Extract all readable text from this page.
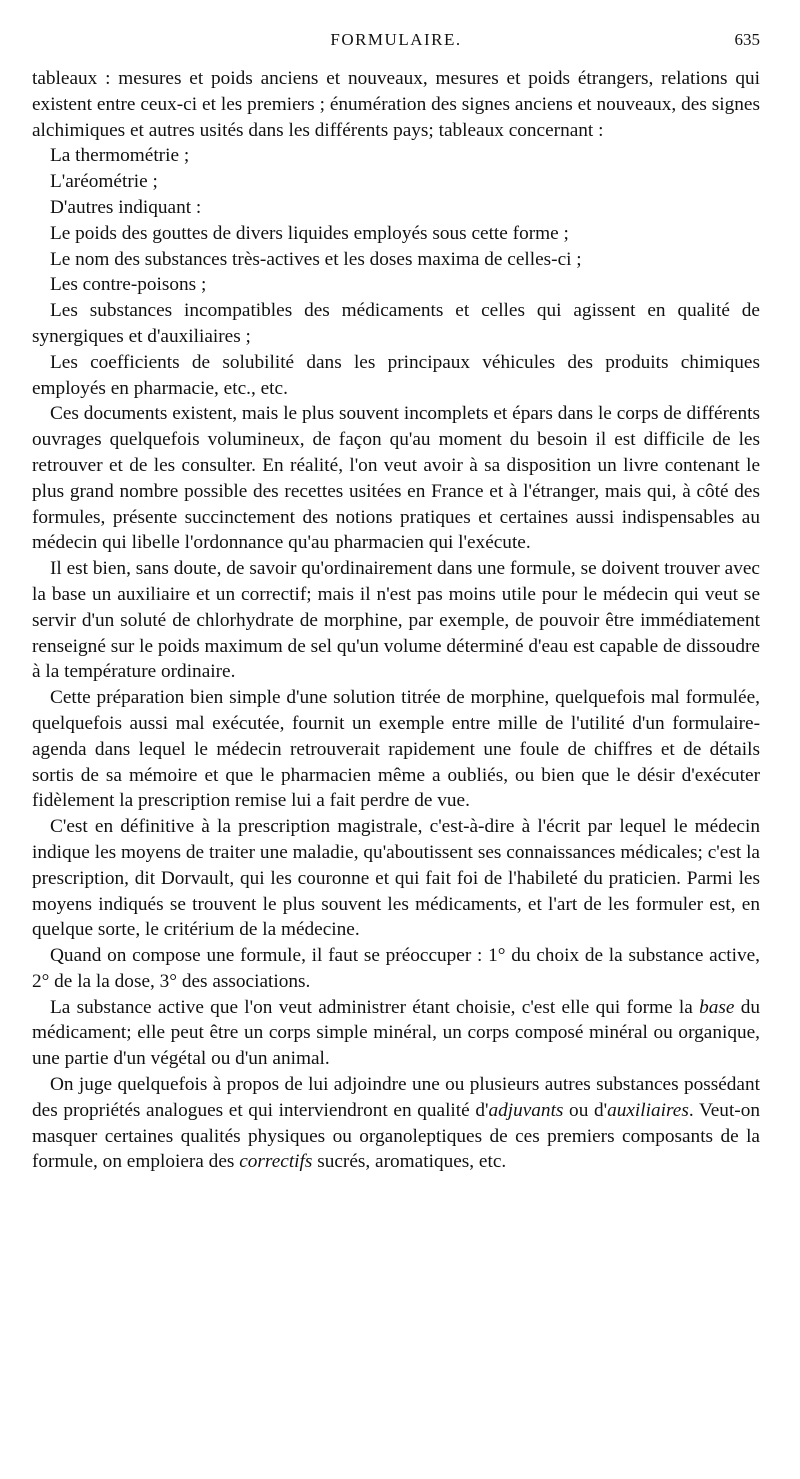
FORMULAIRE.	635

tableaux : mesures et poids anciens et nouveaux, mesures et poids étrangers, relations qui existent entre ceux-ci et les premiers ; énumération des signes anciens et nouveaux, des signes alchimiques et autres usités dans les différents pays; tableaux concernant :

La thermométrie ;

L'aréométrie ;

D'autres indiquant :

Le poids des gouttes de divers liquides employés sous cette forme ;

Le nom des substances très-actives et les doses maxima de celles-ci ;

Les contre-poisons ;

Les substances incompatibles des médicaments et celles qui agissent en qualité de synergiques et d'auxiliaires ;

Les coefficients de solubilité dans les principaux véhicules des produits chimiques employés en pharmacie, etc., etc.

Ces documents existent, mais le plus souvent incomplets et épars dans le corps de différents ouvrages quelquefois volumineux, de façon qu'au moment du besoin il est difficile de les retrouver et de les consulter. En réalité, l'on veut avoir à sa disposition un livre contenant le plus grand nombre possible des recettes usitées en France et à l'étranger, mais qui, à côté des formules, présente succinctement des notions pratiques et certaines aussi indispensables au médecin qui libelle l'ordonnance qu'au pharmacien qui l'exécute.

Il est bien, sans doute, de savoir qu'ordinairement dans une formule, se doivent trouver avec la base un auxiliaire et un correctif; mais il n'est pas moins utile pour le médecin qui veut se servir d'un soluté de chlorhydrate de morphine, par exemple, de pouvoir être immédiatement renseigné sur le poids maximum de sel qu'un volume déterminé d'eau est capable de dissoudre à la température ordinaire.

Cette préparation bien simple d'une solution titrée de morphine, quelquefois mal formulée, quelquefois aussi mal exécutée, fournit un exemple entre mille de l'utilité d'un formulaire-agenda dans lequel le médecin retrouverait rapidement une foule de chiffres et de détails sortis de sa mémoire et que le pharmacien même a oubliés, ou bien que le désir d'exécuter fidèlement la prescription remise lui a fait perdre de vue.

C'est en définitive à la prescription magistrale, c'est-à-dire à l'écrit par lequel le médecin indique les moyens de traiter une maladie, qu'aboutissent ses connaissances médicales; c'est la prescription, dit Dorvault, qui les couronne et qui fait foi de l'habileté du praticien. Parmi les moyens indiqués se trouvent le plus souvent les médicaments, et l'art de les formuler est, en quelque sorte, le critérium de la médecine.

Quand on compose une formule, il faut se préoccuper : 1° du choix de la substance active, 2° de la la dose, 3° des associations.

La substance active que l'on veut administrer étant choisie, c'est elle qui forme la base du médicament; elle peut être un corps simple minéral, un corps composé minéral ou organique, une partie d'un végétal ou d'un animal.

On juge quelquefois à propos de lui adjoindre une ou plusieurs autres substances possédant des propriétés analogues et qui interviendront en qualité d'adjuvants ou d'auxiliaires. Veut-on masquer certaines qualités physiques ou organoleptiques de ces premiers composants de la formule, on emploiera des correctifs sucrés, aromatiques, etc.
